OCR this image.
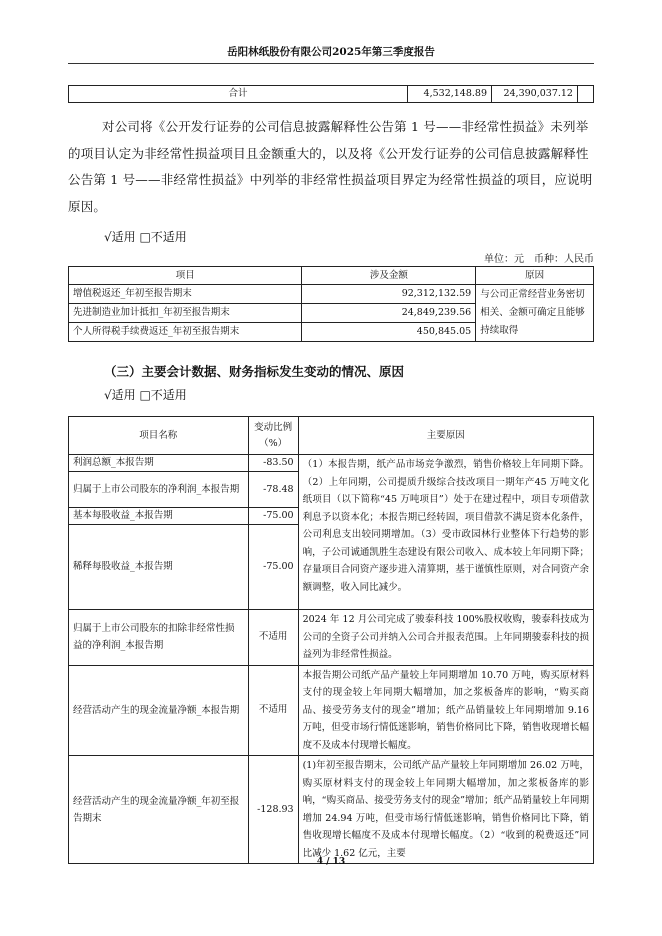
岳阳林纸股份有限公司2025年第三季度报告
合计	4,532,148.89	24,390,037.12	
对公司将《公开发行证券的公司信息披露解释性公告第 1 号——非经常性损益》未列举的项目认定为非经常性损益项目且金额重大的，以及将《公开发行证券的公司信息披露解释性公告第 1 号——非经常性损益》中列举的非经常性损益项目界定为经常性损益的项目，应说明原因。
√适用 □不适用
单位：元　币种：人民币
项目	涉及金额	原因
增值税返还_年初至报告期末	92,312,132.59	与公司正常经营业务密切相关、金额可确定且能够持续取得
先进制造业加计抵扣_年初至报告期末	24,849,239.56	
个人所得税手续费返还_年初至报告期末	450,845.05	
（三）主要会计数据、财务指标发生变动的情况、原因
√适用 □不适用
项目名称	变动比例（%）	主要原因
利润总额_本报告期	-83.50	（1）本报告期，纸产品市场竞争激烈，销售价格较上年同期下降。（2）上年同期，公司提质升级综合技改项目一期年产45 万吨文化纸项目（以下简称“45 万吨项目”）处于在建过程中，项目专项借款利息予以资本化；本报告期已经转固，项目借款不满足资本化条件，公司利息支出较同期增加。（3）受市政园林行业整体下行趋势的影响，子公司诚通凯胜生态建设有限公司收入、成本较上年同期下降；存量项目合同资产逐步进入清算期，基于谨慎性原则，对合同资产余额调整，收入同比减少。
归属于上市公司股东的净利润_本报告期	-78.48	
基本每股收益_本报告期	-75.00	
稀释每股收益_本报告期	-75.00	
归属于上市公司股东的扣除非经常性损益的净利润_本报告期	不适用	2024 年 12 月公司完成了骏泰科技 100%股权收购，骏泰科技成为公司的全资子公司并纳入公司合并报表范围。上年同期骏泰科技的损益列为非经常性损益。
经营活动产生的现金流量净额_本报告期	不适用	本报告期公司纸产品产量较上年同期增加 10.70 万吨，购买原材料支付的现金较上年同期大幅增加，加之浆板备库的影响，“购买商品、接受劳务支付的现金”增加；纸产品销量较上年同期增加 9.16 万吨，但受市场行情低迷影响，销售价格同比下降，销售收现增长幅度不及成本付现增长幅度。
经营活动产生的现金流量净额_年初至报告期末	-128.93	(1)年初至报告期末，公司纸产品产量较上年同期增加 26.02 万吨，购买原材料支付的现金较上年同期大幅增加，加之浆板备库的影响，“购买商品、接受劳务支付的现金”增加；纸产品销量较上年同期增加 24.94 万吨，但受市场行情低迷影响，销售价格同比下降，销售收现增长幅度不及成本付现增长幅度。（2）“收到的税费返还”同比减少 1.62 亿元，主要
4 / 13
